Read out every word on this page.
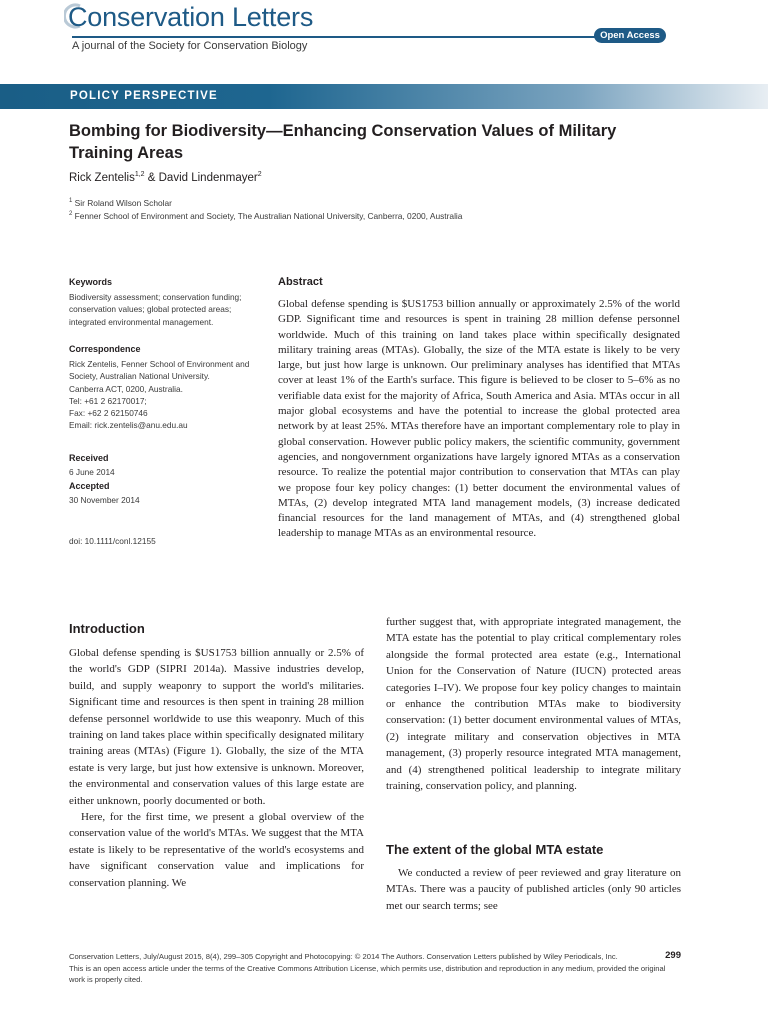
Conservation Letters
A journal of the Society for Conservation Biology
Open Access
POLICY PERSPECTIVE
Bombing for Biodiversity—Enhancing Conservation Values of Military Training Areas
Rick Zentelis$^{1,2}$ & David Lindenmayer$^2$
$^1$ Sir Roland Wilson Scholar
$^2$ Fenner School of Environment and Society, The Australian National University, Canberra, 0200, Australia
Keywords
Biodiversity assessment; conservation funding; conservation values; global protected areas; integrated environmental management.
Correspondence
Rick Zentelis, Fenner School of Environment and
Society, Australian National University.
Canberra ACT, 0200, Australia.
Tel: +61 2 62170017;
Fax: +62 2 62150746
Email: rick.zentelis@anu.edu.au
Received
6 June 2014
Accepted
30 November 2014
doi: 10.1111/conl.12155
Abstract
Global defense spending is $US1753 billion annually or approximately 2.5% of the world GDP. Significant time and resources is spent in training 28 million defense personnel worldwide. Much of this training on land takes place within specifically designated military training areas (MTAs). Globally, the size of the MTA estate is likely to be very large, but just how large is unknown. Our preliminary analyses has identified that MTAs cover at least 1% of the Earth's surface. This figure is believed to be closer to 5–6% as no verifiable data exist for the majority of Africa, South America and Asia. MTAs occur in all major global ecosystems and have the potential to increase the global protected area network by at least 25%. MTAs therefore have an important complementary role to play in global conservation. However public policy makers, the scientific community, government agencies, and nongovernment organizations have largely ignored MTAs as a conservation resource. To realize the potential major contribution to conservation that MTAs can play we propose four key policy changes: (1) better document the environmental values of MTAs, (2) develop integrated MTA land management models, (3) increase dedicated financial resources for the land management of MTAs, and (4) strengthened global leadership to manage MTAs as an environmental resource.
Introduction

Global defense spending is $US1753 billion annually or 2.5% of the world's GDP (SIPRI 2014a). Massive industries develop, build, and supply weaponry to support the world's militaries. Significant time and resources is then spent in training 28 million defense personnel worldwide to use this weaponry. Much of this training on land takes place within specifically designated military training areas (MTAs) (Figure 1). Globally, the size of the MTA estate is very large, but just how extensive is unknown. Moreover, the environmental and conservation values of this large estate are either unknown, poorly documented or both.

Here, for the first time, we present a global overview of the conservation value of the world's MTAs. We suggest that the MTA estate is likely to be representative of the world's ecosystems and have significant conservation value and implications for conservation planning. We

further suggest that, with appropriate integrated management, the MTA estate has the potential to play critical complementary roles alongside the formal protected area estate (e.g., International Union for the Conservation of Nature (IUCN) protected areas categories I–IV). We propose four key policy changes to maintain or enhance the contribution MTAs make to biodiversity conservation: (1) better document environmental values of MTAs, (2) integrate military and conservation objectives in MTA management, (3) properly resource integrated MTA management, and (4) strengthened political leadership to integrate military training, conservation policy, and planning.

The extent of the global MTA estate

We conducted a review of peer reviewed and gray literature on MTAs. There was a paucity of published articles (only 90 articles met our search terms; see

Conservation Letters, July/August 2015, 8(4), 299–305 Copyright and Photocopying: © 2014 The Authors. Conservation Letters published by Wiley Periodicals, Inc.	299
This is an open access article under the terms of the Creative Commons Attribution License, which permits use, distribution and reproduction in any medium, provided the original work is properly cited.
